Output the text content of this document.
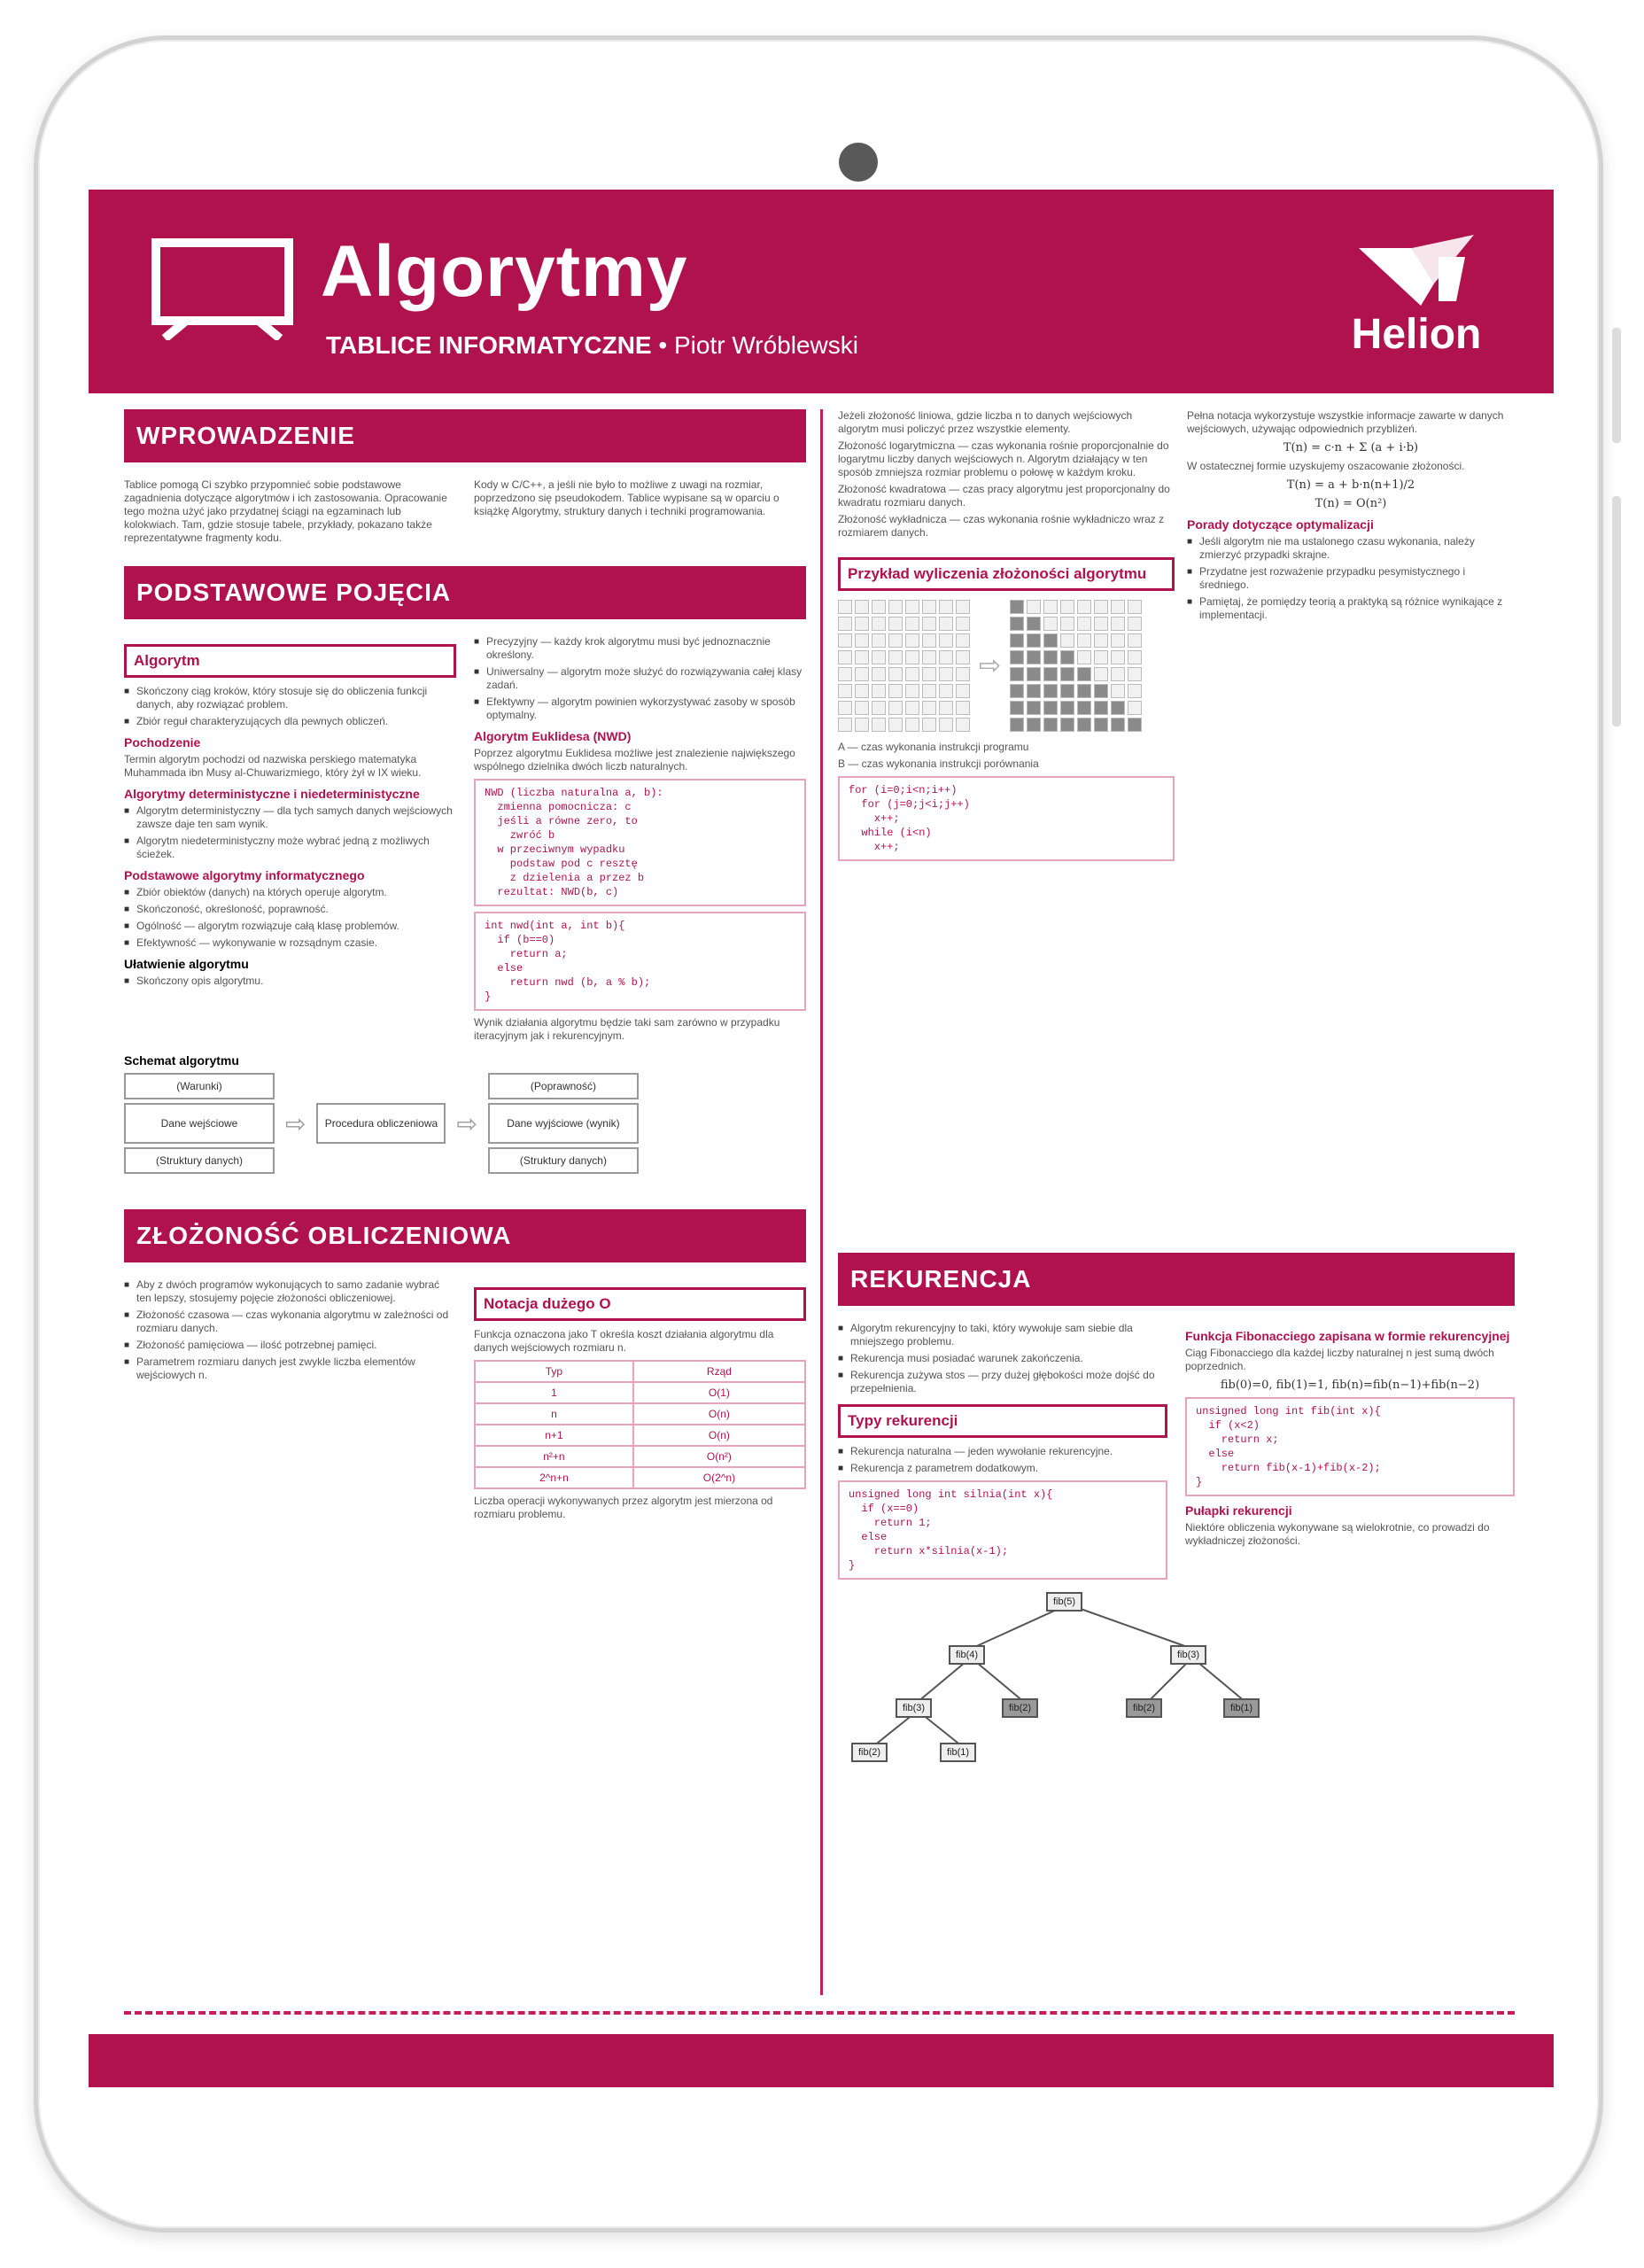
Algorytmy
TABLICE INFORMATYCZNE • Piotr Wróblewski	Helion
WPROWADZENIE
Tablice pomogą Ci szybko przypomnieć sobie podstawowe zagadnienia dotyczące algorytmów i ich zastosowania. Opracowanie tego można użyć jako przydatnej ściągi na egzaminach lub kolokwiach. Tam, gdzie stosuje tabele, przykłady, pokazano także reprezentatywne fragmenty kodu.
Kody w C/C++, a jeśli nie było to możliwe z uwagi na rozmiar, poprzedzono się pseudokodem. Tablice wypisane są w oparciu o książkę Algorytmy, struktury danych i techniki programowania.
PODSTAWOWE POJĘCIA
Algorytm
■ Skończony ciąg kroków, który stosuje się do obliczenia funkcji danych, aby rozwiązać problem.
■ Zbiór reguł charakteryzujących dla pewnych obliczeń.
Pochodzenie
Termin algorytm pochodzi od nazwiska perskiego matematyka Muhammada ibn Musy al-Chuwarizmiego, który żył w IX wieku.
Algorytmy deterministyczne i niedeterministyczne
■ Algorytm deterministyczny — dla tych samych danych wejściowych zawsze daje ten sam wynik.
■ Algorytm niedeterministyczny może wybrać jedną z możliwych ścieżek.
Podstawowe algorytmy informatycznego
■ Zbiór obiektów (danych) na których operuje algorytm.
■ Skończoność, określoność, poprawność.
■ Ogólność — algorytm rozwiązuje całą klasę problemów.
■ Efektywność — wykonywanie w rozsądnym czasie.
Ułatwienie algorytmu
■ Skończony opis algorytmu.
■ Precyzyjny — każdy krok algorytmu musi być jednoznacznie określony.
■ Uniwersalny — algorytm może służyć do rozwiązywania całej klasy zadań.
■ Efektywny — algorytm powinien wykorzystywać zasoby w sposób optymalny.
Algorytm Euklidesa (NWD)
Poprzez algorytmu Euklidesa możliwe jest znalezienie największego wspólnego dzielnika dwóch liczb naturalnych.
NWD (liczba naturalna a, b):
zmienna pomocnicza: c
jeśli a równe zero, to
zwróć b
w przeciwnym wypadku
podstaw pod c resztę
z dzielenia a przez b
rezultat: NWD(b, c)
int nwd(int a, int b){
if (b==0)
return a;
else
return nwd (b, a % b);
}
Wynik działania algorytmu będzie taki sam zarówno w przypadku iteracyjnym jak i rekurencyjnym.
Schemat algorytmu
(Warunki)
Dane wejściowe
(Struktury danych)
⇨	Procedura obliczeniowa ⇨
(Poprawność)
Dane wyjściowe (wynik)
(Struktury danych)
ZŁOŻONOŚĆ OBLICZENIOWA
■ Aby z dwóch programów wykonujących to samo zadanie wybrać ten lepszy, stosujemy pojęcie złożoności obliczeniowej.
■ Złożoność czasowa — czas wykonania algorytmu w zależności od rozmiaru danych.
■ Złożoność pamięciowa — ilość potrzebnej pamięci.
■ Parametrem rozmiaru danych jest zwykle liczba elementów wejściowych n.
Notacja dużego O
Funkcja oznaczona jako T określa koszt działania algorytmu dla danych wejściowych rozmiaru n.
Typ	Rząd
1	O(1)
n	O(n)
n+1	O(n)
n²+n	O(n²)
2^n+n	O(2^n)
Liczba operacji wykonywanych przez algorytm jest mierzona od rozmiaru problemu.
Jeżeli złożoność liniowa, gdzie liczba n to danych wejściowych algorytm musi policzyć przez wszystkie elementy.
Złożoność logarytmiczna — czas wykonania rośnie proporcjonalnie do logarytmu liczby danych wejściowych n. Algorytm działający w ten sposób zmniejsza rozmiar problemu o połowę w każdym kroku.
Złożoność kwadratowa — czas pracy algorytmu jest proporcjonalny do kwadratu rozmiaru danych.
Złożoność wykładnicza — czas wykonania rośnie wykładniczo wraz z rozmiarem danych.
Przykład wyliczenia złożoności algorytmu
⇨
A — czas wykonania instrukcji programu
B — czas wykonania instrukcji porównania
for (i=0;i<n;i++)
for (j=0;j<i;j++)
x++;
while (i<n)
x++;
Pełna notacja wykorzystuje wszystkie informacje zawarte w danych wejściowych, używając odpowiednich przybliżeń.
T(n) = c·n + Σ (a + i·b)
W ostatecznej formie uzyskujemy oszacowanie złożoności.
T(n) = a + b·n(n+1)/2
T(n) = O(n²)
Porady dotyczące optymalizacji
■ Jeśli algorytm nie ma ustalonego czasu wykonania, należy zmierzyć przypadki skrajne.
■ Przydatne jest rozważenie przypadku pesymistycznego i średniego.
■ Pamiętaj, że pomiędzy teorią a praktyką są różnice wynikające z implementacji.
REKURENCJA
■ Algorytm rekurencyjny to taki, który wywołuje sam siebie dla mniejszego problemu.
■ Rekurencja musi posiadać warunek zakończenia.
■ Rekurencja zużywa stos — przy dużej głębokości może dojść do przepełnienia.
Typy rekurencji
■ Rekurencja naturalna — jeden wywołanie rekurencyjne.
■ Rekurencja z parametrem dodatkowym.
unsigned long int silnia(int x){
if (x==0)
return 1;
else
return x*silnia(x-1);
}
Funkcja Fibonacciego zapisana w formie rekurencyjnej
Ciąg Fibonacciego dla każdej liczby naturalnej n jest sumą dwóch poprzednich.
fib(0)=0, fib(1)=1, fib(n)=fib(n−1)+fib(n−2)
unsigned long int fib(int x){
if (x<2)
return x;
else
return fib(x-1)+fib(x-2);
}
Pułapki rekurencji
Niektóre obliczenia wykonywane są wielokrotnie, co prowadzi do wykładniczej złożoności.
fib(5)
fib(4)	fib(3)
fib(3)	fib(2)	fib(2)	fib(1)
fib(2)	fib(1)
